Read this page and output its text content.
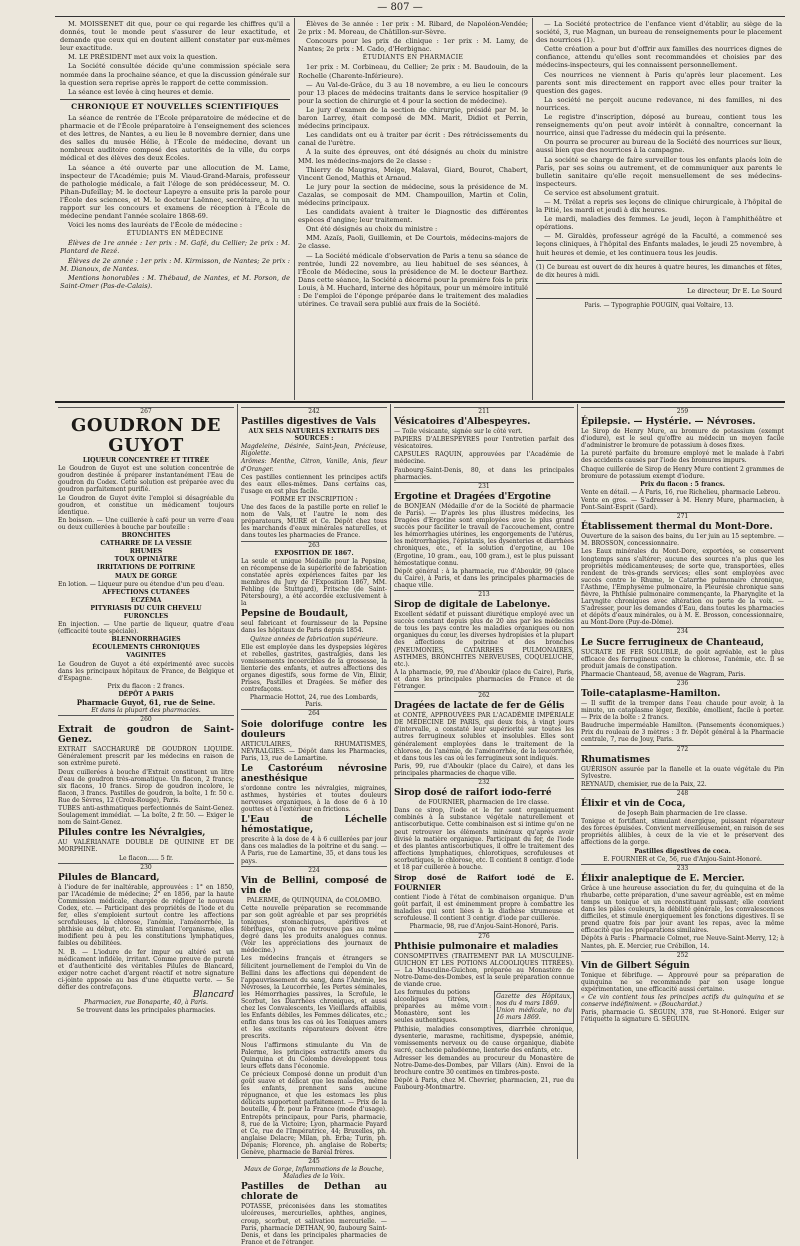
— 807 —

M. MOISSENET dit que, pour ce qui regarde les chiffres qu'il a donnés, tout le monde peut s'assurer de leur exactitude, et demande que ceux qui en doutent aillent constater par eux-mêmes leur exactitude.

M. LE PRÉSIDENT met aux voix la question.

La Société consultée décide qu'une commission spéciale sera nommée dans la prochaine séance, et que la discussion générale sur la question sera reprise après le rapport de cette commission.

La séance est levée à cinq heures et demie.

CHRONIQUE ET NOUVELLES SCIENTIFIQUES

La séance de rentrée de l'École préparatoire de médecine et de pharmacie et de l'École préparatoire à l'enseignement des sciences et des lettres, de Nantes, a eu lieu le 8 novembre dernier, dans une des salles du musée Hélie, à l'École de médecine, devant un nombreux auditoire composé des autorités de la ville, du corps médical et des élèves des deux Écoles.

La séance a été ouverte par une allocution de M. Lame, inspecteur de l'Académie; puis M. Viaud-Grand-Marais, professeur de pathologie médicale, a fait l'éloge de son prédécesseur, M. O. Pihan-Dufeillay; M. le docteur Lapeyre a ensuite pris la parole pour l'École des sciences, et M. le docteur Laënnec, secrétaire, a lu un rapport sur les concours et examens de réception à l'École de médecine pendant l'année scolaire 1868-69.

Voici les noms des lauréats de l'École de médecine :

ÉTUDIANTS EN MÉDECINE

Élèves de 1re année : 1er prix : M. Gafé, du Cellier; 2e prix : M. Plantard de Rezé.

Élèves de 2e année : 1er prix : M. Kirmisson, de Nantes; 2e prix : M. Dianoux, de Nantes.

Mentions honorables : M. Thébaud, de Nantes, et M. Porson, de Saint-Omer (Pas-de-Calais).

Élèves de 3e année : 1er prix : M. Ribard, de Napoléon-Vendée; 2e prix : M. Moreau, de Châtillon-sur-Sèvre.

Concours pour les prix de clinique : 1er prix : M. Lamy, de Nantes; 2e prix : M. Cado, d'Herbignac.

ÉTUDIANTS EN PHARMACIE

1er prix : M. Corbineau, du Cellier; 2e prix : M. Baudouin, de la Rochelle (Charente-Inférieure).

— Au Val-de-Grâce, du 3 au 18 novembre, a eu lieu le concours pour 13 places de médecins traitants dans le service hospitalier (9 pour la section de chirurgie et 4 pour la section de médecine).

Le jury d'examen de la section de chirurgie, présidé par M. le baron Larrey, était composé de MM. Marit, Didiot et Perrin, médecins principaux.

Les candidats ont eu à traiter par écrit : Des rétrécissements du canal de l'urètre.

À la suite des épreuves, ont été désignés au choix du ministre MM. les médecins-majors de 2e classe :

Thierry de Maugras, Meige, Malaval, Giard, Bourot, Chabert, Vincent Genod, Mathis et Arnaud.

Le jury pour la section de médecine, sous la présidence de M. Cazalas, se composait de MM. Champouillon, Martin et Colin, médecins principaux.

Les candidats avaient à traiter le Diagnostic des différentes espèces d'angine; leur traitement.

Ont été désignés au choix du ministre :

MM. Azaïs, Paoli, Guillemin, et De Courtois, médecins-majors de 2e classe.

— La Société médicale d'observation de Paris a tenu sa séance de rentrée, lundi 22 novembre, au lieu habituel de ses séances, à l'École de Médecine, sous la présidence de M. le docteur Barthez. Dans cette séance, la Société a décerné pour la première fois le prix Louis, à M. Huchard, interne des hôpitaux, pour un mémoire intitulé : De l'emploi de l'éponge préparée dans le traitement des maladies utérines. Ce travail sera publié aux frais de la Société.

— La Société protectrice de l'enfance vient d'établir, au siège de la société, 3, rue Magnan, un bureau de renseignements pour le placement des nourrices (1).

Cette création a pour but d'offrir aux familles des nourrices dignes de confiance, attendu qu'elles sont recommandées et choisies par des médecins-inspecteurs, qui les connaissent personnellement.

Ces nourrices ne viennent à Paris qu'après leur placement. Les parents sont mis directement en rapport avec elles pour traiter la question des gages.

La société ne perçoit aucune redevance, ni des familles, ni des nourrices.

Le registre d'inscription, déposé au bureau, contient tous les renseignements qu'on peut avoir intérêt à connaître, concernant la nourrice, ainsi que l'adresse du médecin qui la présente.

On pourra se procurer au bureau de la Société des nourrices sur lieux, aussi bien que des nourrices à la campagne.

La société se charge de faire surveiller tous les enfants placés loin de Paris, par ses soins ou autrement, et de communiquer aux parents le bulletin sanitaire qu'elle reçoit mensuellement de ses médecins-inspecteurs.

Ce service est absolument gratuit.

— M. Trélat a repris ses leçons de clinique chirurgicale, à l'hôpital de la Pitié, les mardi et jeudi à dix heures.

Le mardi, maladies des femmes. Le jeudi, leçon à l'amphithéâtre et opérations.

— M. Giraldès, professeur agrégé de la Faculté, a commencé ses leçons cliniques, à l'hôpital des Enfants malades, le jeudi 25 novembre, à huit heures et demie, et les continuera tous les jeudis.

(1) Ce bureau est ouvert de dix heures à quatre heures, les dimanches et fêtes, de dix heures à midi.

Le directeur, Dr E. Le Sourd

Paris. — Typographie POUGIN, quai Voltaire, 13.

267
GOUDRON DE GUYOT
LIQUEUR CONCENTRÉE ET TITRÉE

Le Goudron de Guyot est une solution concentrée de goudron destinée à préparer instantanément l'Eau de goudron du Codex. Cette solution est préparée avec du goudron parfaitement purifié.

Le Goudron de Guyot évite l'emploi si désagréable du goudron, et constitue un médicament toujours identique.

En boisson. — Une cuillerée à café pour un verre d'eau ou deux cuillerées à bouche par bouteille :

BRONCHITES
CATHARRE DE LA VESSIE
RHUMES
TOUX OPINIÂTRE
IRRITATIONS DE POITRINE
MAUX DE GORGE

En lotion. — Liqueur pure ou étendue d'un peu d'eau.

AFFECTIONS CUTANÉES
ECZÉMA
PITYRIASIS DU CUIR CHEVELU
FURONCLES

En injection. — Une partie de liqueur, quatre d'eau (efficacité toute spéciale).

BLENNORRHAGIES
ÉCOULEMENTS CHRONIQUES
VAGINITES

Le Goudron de Guyot a été expérimenté avec succès dans les principaux hôpitaux de France, de Belgique et d'Espagne.

Prix du flacon : 2 francs.

DÉPÔT A PARIS

Pharmacie Guyot, 61, rue de Seine.

Et dans la plupart des pharmacies.

260
Extrait de goudron de Saint-Genez.

EXTRAIT SACCHARURÉ DE GOUDRON LIQUIDE. Généralement prescrit par les médecins en raison de son extrême pureté.

Deux cuillerées à bouche d'Extrait constituent un litre d'eau de goudron très-aromatique. Un flacon, 2 francs; six flacons, 10 francs. Sirop de goudron incolore, le flacon, 3 francs. Pastilles de goudron, la boîte, 1 fr. 50 c. Rue de Sèvres, 12 (Croix-Rouge), Paris.

TUBES anti-asthmatiques perfectionnés de Saint-Genez. Soulagement immédiat. — La boîte, 2 fr. 50. — Exiger le nom de Saint-Genez.

Pilules contre les Névralgies,

AU VALÉRIANATE DOUBLE DE QUININE ET DE MORPHINE.

Le flacon...... 5 fr.

230
Pilules de Blancard,

à l'iodure de fer inaltérable, approuvées : 1° en 1850, par l'Académie de médecine; 2° en 1856, par la haute Commission médicale, chargée de rédiger le nouveau Codex, etc. — Participant des propriétés de l'iode et du fer, elles s'emploient surtout contre les affections scrofuleuses, la chlorose, l'anémie, l'aménorrhée, la phthisie au début, etc. En stimulant l'organisme, elles modifient peu à peu les constitutions lymphatiques, faibles ou débilitées.

N. B. — L'iodure de fer impur ou altéré est un médicament infidèle, irritant. Comme preuve de pureté et d'authenticité des véritables Pilules de Blancard, exiger notre cachet d'argent réactif et notre signature ci-jointe apposée au bas d'une étiquette verte. — Se défier des contrefaçons.

Blancard

Pharmacien, rue Bonaparte, 40, à Paris.

Se trouvent dans les principales pharmacies.

242
Pastilles digestives de Vals
AUX SELS NATURELS EXTRAITS DES SOURCES :

Magdeleine, Désirée, Saint-Jean, Précieuse, Rigolette.

Arômes: Menthe, Citron, Vanille, Anis, fleur d'Oranger.

Ces pastilles contiennent les principes actifs des eaux elles-mêmes. Dans certains cas, l'usage en est plus facile.

FORME ET INSCRIPTION :

Une des faces de la pastille porte en relief le nom de Vals, et l'autre le nom des préparateurs, MURE et Ce. Dépôt chez tous les marchands d'eaux minérales naturelles, et dans toutes les pharmacies de France.

263
EXPOSITION DE 1867.

La seule et unique Médaille pour la Pepsine, en récompense de la supériorité de fabrication constatée après expériences faites par les membres du Jury de l'Exposition 1867, MM. Fehling (de Stuttgard), Fritsche (de Saint-Pétersbourg), a été accordée exclusivement à la

Pepsine de Boudault,

seul fabricant et fournisseur de la Pepsine dans les hôpitaux de Paris depuis 1854.

Quinze années de fabrication supérieure.

Elle est employée dans les dyspepsies légères et rebelles, gastrites, gastralgies, dans les vomissements incoercibles de la grossesse, la lienterie des enfants, et autres affections des organes digestifs, sous forme de Vin, Élixir, Prises, Pastilles et Dragées. Se méfier des contrefaçons.

Pharmacie Hottot, 24, rue des Lombards, Paris.

264
Soie dolorifuge contre les douleurs

ARTICULAIRES, RHUMATISMES, NÉVRALGIES. — Dépôt dans les Pharmacies, Paris, 13, rue de Lamartine.

Le Castoréum névrosine anesthésique

s'ordonne contre les névralgies, migraines, asthmes, hystéries et toutes douleurs nerveuses organiques, à la dose de 6 à 10 gouttes et à l'extérieur en frictions.

L'Eau de Léchelle hémostatique,

prescrite à la dose de 4 à 6 cuillerées par jour dans ces maladies de la poitrine et du sang. — À Paris, rue de Lamartine, 35, et dans tous les pays.

224
Vin de Bellini, composé de vin de

PALERME, de QUINQUINA, de COLOMBO.

Cette nouvelle préparation se recommande par son goût agréable et par ses propriétés toniques, stomachiques, apéritives et fébrifuges, qu'on ne retrouve pas au même degré dans les produits analogues connus. (Voir les appréciations des journaux de médecine.)

Les médecins français et étrangers se félicitent journellement de l'emploi du Vin de Bellini dans les affections qui dépendent de l'appauvrissement du sang, dans l'Anémie, les Névroses, la Leucorrhée, les Pertes séminales, les Hémorrhagies passives, la Scrofule, le Scorbut, les Diarrhées chroniques, et aussi chez les Convalescents, les Vieillards affaiblis, les Enfants débiles, les Femmes délicates, etc.; enfin dans tous les cas où les Toniques amers et les excitants réparateurs doivent être prescrits.

Nous l'affirmons stimulante du Vin de Palerme, les principes extractifs amers du Quinquina et du Colombo développent tous leurs effets dans l'économie.

Ce précieux Composé donne un produit d'un goût suave et délicat que les malades, même les enfants, prennent sans aucune répugnance, et que les estomacs les plus délicats supportent parfaitement. — Prix de la bouteille, 4 fr. pour la France (mode d'usage). Entrepôts principaux, pour Paris, pharmacie, 8, rue de la Victoire; Lyon, pharmacie Payard et Ce, rue de l'Impératrice, 44; Bruxelles, ph. anglaise Delacre; Milan, ph. Erba; Turin, ph. Dépanis; Florence, ph. anglaise de Roberts; Genève, pharmacie de Baréal frères.

245

Maux de Gorge, Inflammations de la Bouche, Maladies de la Voix.

Pastilles de Dethan au chlorate de

POTASSE, préconisées dans les stomatites ulcéreuses, mercurielles, aphthes, angines, croup, scorbut, et salivation mercurielle. — Paris, pharmacie DETHAN, 90, faubourg Saint-Denis, et dans les principales pharmacies de France et de l'étranger.

211
Vésicatoires d'Albespeyres.

— Toile vésicante, signée sur le côté vert.

PAPIERS D'ALBESPEYRES pour l'entretien parfait des vésicatoires.

CAPSULES RAQUIN, approuvées par l'Académie de médecine.

Faubourg-Saint-Denis, 80, et dans les principales pharmacies.

231
Ergotine et Dragées d'Ergotine

de BONJEAN (Médaille d'or de la Société de pharmacie de Paris). — D'après les plus illustres médecins, les Dragées d'Ergotine sont employées avec le plus grand succès pour faciliter le travail de l'accouchement, contre les hémorrhagies utérines, les engorgements de l'utérus, les métrorrhagies, l'épistaxis, les dysenteries et diarrhées chroniques, etc., et la solution d'ergotine, au 10e (Ergotine, 10 gram., eau, 100 gram.), est le plus puissant hémostatique connu.

Dépôt général : à la pharmacie, rue d'Aboukir, 99 (place du Caire), à Paris, et dans les principales pharmacies de chaque ville.

213
Sirop de digitale de Labelonye.

Excellent sédatif et puissant diurétique employé avec un succès constant depuis plus de 20 ans par les médecins de tous les pays contre les maladies organiques ou non organiques du cœur, les diverses hydropisies et la plupart des affections de poitrine et des bronches (PNEUMONIES, CATARRHES PULMONAIRES, ASTHMES, BRONCHITES NERVEUSES, COQUELUCHE, etc.).

À la pharmacie, 99, rue d'Aboukir (place du Caire), Paris, et dans les principales pharmacies de France et de l'étranger.

262
Dragées de lactate de fer de Gélis

et CONTÉ, APPROUVÉES PAR L'ACADÉMIE IMPÉRIALE DE MÉDECINE DE PARIS, qui deux fois, à vingt jours d'intervalle, a constaté leur supériorité sur toutes les autres ferrugineux solubles et insolubles. Elles sont généralement employées dans le traitement de la chlorose, de l'anémie, de l'aménorrhée, de la leucorrhée, et dans tous les cas où les ferrugineux sont indiqués.

Paris, 99, rue d'Aboukir (place du Caire), et dans les principales pharmacies de chaque ville.

232
Sirop dosé de raifort iodo-ferré

de FOURNIER, pharmacien de 1re classe.

Dans ce sirop, l'iode et le fer sont organiquement combinés à la substance végétale naturellement et antiscorbutique. Cette combinaison est si intime qu'on ne peut retrouver les éléments minéraux qu'après avoir divisé la matière organique. Participant du fer, de l'iode et des plantes antiscorbutiques, il offre le traitement des affections lymphatiques, chlorotiques, scrofuleuses et scorbutiques, le chlorose, etc. Il contient 8 centigr. d'iode et 18 par cuillerée à bouche.

Sirop dosé de Raifort iodé de E. FOURNIER

contient l'iode à l'état de combinaison organique. D'un goût parfait, il est éminemment propre à combattre les maladies qui sont liées à la diathèse strumeuse et scrofuleuse. Il contient 3 centigr. d'iode par cuillerée.

Pharmacie, 98, rue d'Anjou-Saint-Honoré, Paris.

276
Phthisie pulmonaire et maladies

CONSOMPTIVES (TRAITEMENT PAR LA MUSCULINE-GUICHON ET LES POTIONS ALCOOLIQUES TITRÉES). — La Musculine-Guichon, préparée au Monastère de Notre-Dame-des-Dombes, est la seule préparation connue de viande crue.

Les formules du potions alcooliques titrées, préparées au même Monastère, sont les seules authentiques.

VOIR :
Gazette des Hôpitaux, nos du 4 mars 1869.
Union médicale, no du 16 mars 1869.

Phthisie, maladies consomptives, diarrhée chronique, dysenterie, marasme, rachitisme, dyspepsie, anémie, vomissements nerveux ou de cause organique, diabète sucré, cachexie paludéenne, lienterie des enfants, etc.

Adresser les demandes au procureur du Monastère de Notre-Dame-des-Dombes, par Villars (Ain). Envoi de la brochure contre 30 centimes en timbres-poste.

Dépôt à Paris, chez M. Chevrier, pharmacien, 21, rue du Faubourg-Montmartre.

259
Épilepsie. — Hystérie. — Névroses.

Le Sirop de Henry Mure, au bromure de potassium (exempt d'iodure), est le seul qu'offre au médecin un moyen facile d'administrer le bromure de potassium à doses fixes.

La pureté parfaite du bromure employé met le malade à l'abri des accidents causés par l'iode des bromures impurs.

Chaque cuillerée de Sirop de Henry Mure contient 2 grammes de bromure de potassium exempt d'iodure.

Prix du flacon : 5 francs.

Vente en détail. — À Paris, 16, rue Richelieu, pharmacie Lebrou.

Vente en gros. — S'adresser à M. Henry Mure, pharmacien, à Pont-Saint-Esprit (Gard).

271
Établissement thermal du Mont-Dore.

Ouverture de la saison des bains, du 1er juin au 15 septembre. — M. BROSSON, concessionnaire.

Les Eaux minérales du Mont-Dore, exportées, se conservent longtemps sans s'altérer; aucune des sources n'a plus que les propriétés médicamenteuses; de sorte que, transportées, elles rendent de très-grands services; elles sont employées avec succès contre le Rhume, le Catarrhe pulmonaire chronique, l'Asthme, l'Emphysème pulmonaire, la Pleurésie chronique sans fièvre, la Phthisie pulmonaire commençante, la Pharyngite et la Laryngite chroniques avec altération ou perte de la voix. — S'adresser, pour les demandes d'Eau, dans toutes les pharmacies et dépôts d'eaux minérales, ou à M. E. Brosson, concessionnaire, au Mont-Dore (Puy-de-Dôme).

234
Le Sucre ferrugineux de Chanteaud,

SUCRATE DE FER SOLUBLE, de goût agréable, est le plus efficace des ferrugineux contre la chlorose, l'anémie, etc. Il se produit jamais de constipation.

Pharmacie Chanteaud, 58, avenue de Wagram, Paris.

236
Toile-cataplasme-Hamilton.

— Il suffit de la tremper dans l'eau chaude pour avoir, à la minute, un cataplasme léger, flexible, émollient, facile à porter. — Prix de la boîte : 2 francs.

Baudruche imperméable Hamilton. (Pansements économiques.) Prix du rouleau de 3 mètres : 3 fr. Dépôt général à la Pharmacie centrale, 7, rue de Jouy, Paris.

272
Rhumatismes

GUÉRISON assurée par la flanelle et la ouate végétale du Pin Sylvestre.

REYNAUD, chemisier, rue de la Paix, 22.

248
Élixir et vin de Coca,

de Joseph Bain pharmacien de 1re classe.

Tonique et fortifiant, stimulant énergique, puissant réparateur des forces épuisées. Convient merveilleusement, en raison de ses propriétés aliibles, à ceux de la vie et le préservent des affections de la gorge.

Pastilles digestives de coca.

E. FOURNIER et Ce, 56, rue d'Anjou-Saint-Honoré.

233
Élixir analeptique de E. Mercier.

Grâce à une heureuse association du fer, du quinquina et de la rhubarbe, cette préparation, d'une saveur agréable, est en même temps un tonique et un reconstituant puissant; elle convient dans les pâles couleurs, la débilité générale, les convalescences difficiles, et stimule énergiquement les fonctions digestives. Il se prend quatre fois par jour avant les repas, avec la même efficacité que les préparations similaires.

Dépôts à Paris : Pharmacie Colmet, rue Neuve-Saint-Merry, 12; à Nantes, ph. E. Mercier, rue Crébillon, 14.

252
Vin de Gilbert Séguin

Tonique et fébrifuge. — Approuvé pour sa préparation de quinquina ne se recommande par son usage longue expérimentation, une efficacité aussi certaine.

« Ce vin contient tous les principes actifs du quinquina et se conserve indéfiniment. » (Bouchardat.)

Paris, pharmacie G. SÉGUIN, 378, rue St-Honoré. Exiger sur l'étiquette la signature G. SÉGUIN.
